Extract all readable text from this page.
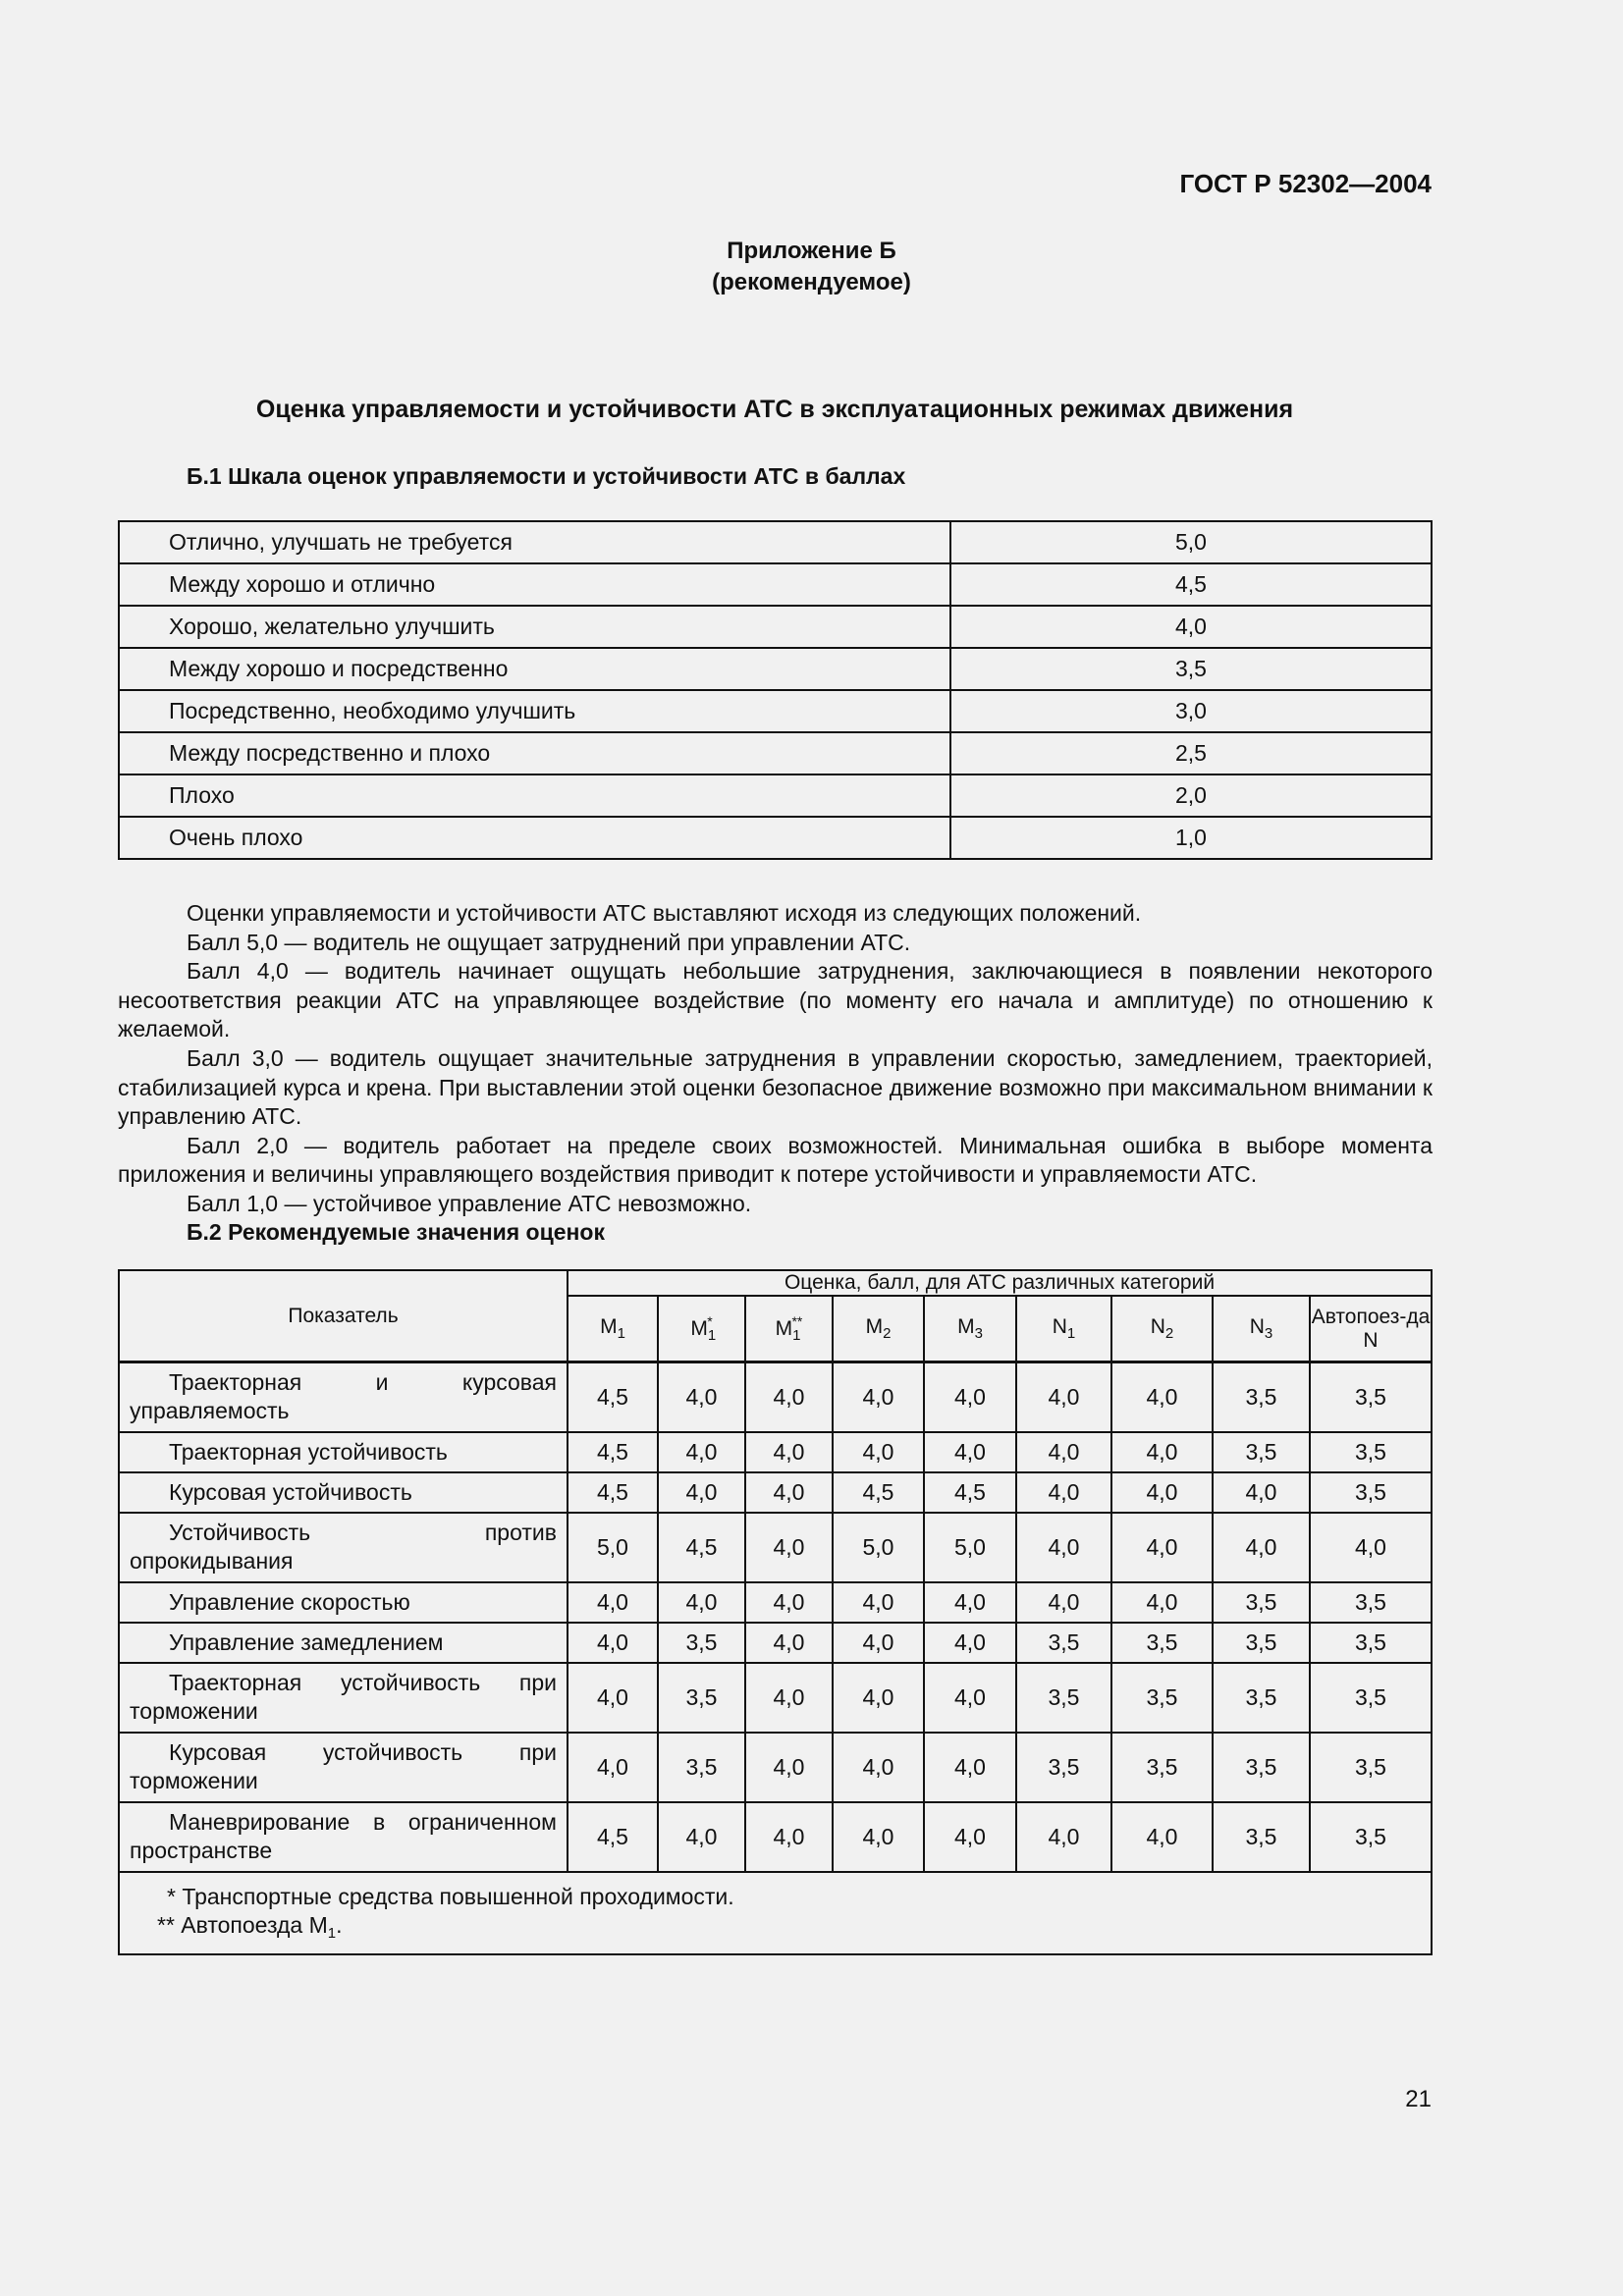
ГОСТ Р 52302—2004
Приложение Б
(рекомендуемое)
Оценка управляемости и устойчивости АТС в эксплуатационных режимах движения
Б.1 Шкала оценок управляемости и устойчивости АТС в баллах
Отлично, улучшать не требуется	5,0
Между хорошо и отлично	4,5
Хорошо, желательно улучшить	4,0
Между хорошо и посредственно	3,5
Посредственно, необходимо улучшить	3,0
Между посредственно и плохо	2,5
Плохо	2,0
Очень плохо	1,0

Оценки управляемости и устойчивости АТС выставляют исходя из следующих положений.

Балл 5,0 — водитель не ощущает затруднений при управлении АТС.

Балл 4,0 — водитель начинает ощущать небольшие затруднения, заключающиеся в появлении некоторого несоответствия реакции АТС на управляющее воздействие (по моменту его начала и амплитуде) по отношению к желаемой.

Балл 3,0 — водитель ощущает значительные затруднения в управлении скоростью, замедлением, траекторией, стабилизацией курса и крена. При выставлении этой оценки безопасное движение возможно при максимальном внимании к управлению АТС.

Балл 2,0 — водитель работает на пределе своих возможностей. Минимальная ошибка в выборе момента приложения и величины управляющего воздействия приводит к потере устойчивости и управляемости АТС.

Балл 1,0 — устойчивое управление АТС невозможно.

Б.2 Рекомендуемые значения оценок
Показатель	Оценка, балл, для АТС различных категорий								
	$M_1$	$M_1^*$	$M_1^{**}$	$M_2$	$M_3$	$N_1$	$N_2$	$N_3$	Автопоез-да N

Траекторная и курсовая управляемость	4,5	4,0	4,0	4,0	4,0	4,0	4,0	3,5	3,5

Траекторная устойчивость	4,5	4,0	4,0	4,0	4,0	4,0	4,0	3,5	3,5

Курсовая устойчивость	4,5	4,0	4,0	4,5	4,5	4,0	4,0	4,0	3,5

Устойчивость против опрокидывания	5,0	4,5	4,0	5,0	5,0	4,0	4,0	4,0	4,0

Управление скоростью	4,0	4,0	4,0	4,0	4,0	4,0	4,0	3,5	3,5

Управление замедлением	4,0	3,5	4,0	4,0	4,0	3,5	3,5	3,5	3,5

Траекторная устойчивость при торможении	4,0	3,5	4,0	4,0	4,0	3,5	3,5	3,5	3,5

Курсовая устойчивость при торможении	4,0	3,5	4,0	4,0	4,0	3,5	3,5	3,5	3,5

Маневрирование в ограниченном пространстве	4,5	4,0	4,0	4,0	4,0	4,0	4,0	3,5	3,5

* Транспортные средства повышенной проходимости.
** Автопоезда $М_1$.									
21
